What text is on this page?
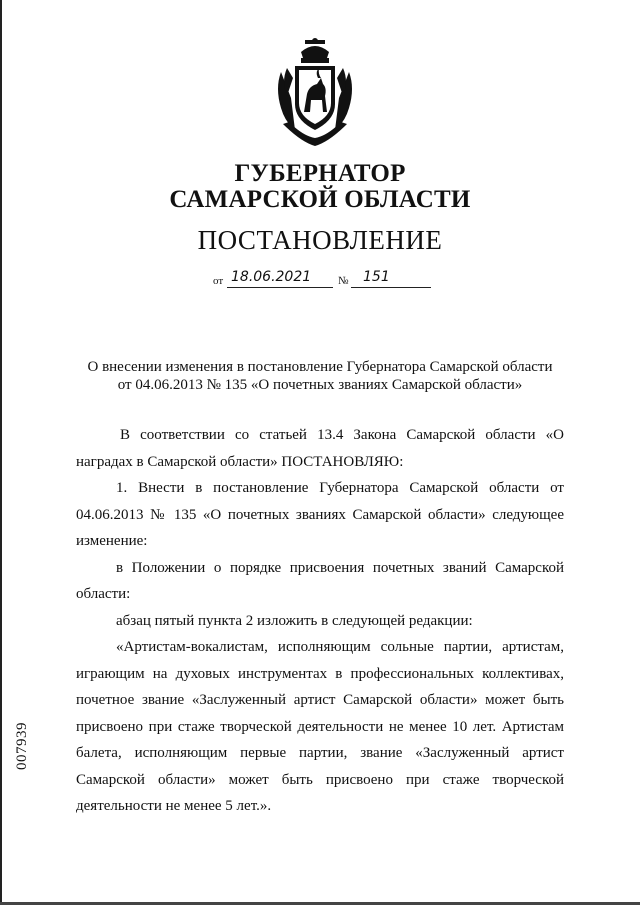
ГУБЕРНАТОР
САМАРСКОЙ ОБЛАСТИ
ПОСТАНОВЛЕНИЕ
от 18.06.2021 № 151
О внесении изменения в постановление Губернатора Самарской области
от 04.06.2013 № 135 «О почетных званиях Самарской области»

В соответствии со статьей 13.4 Закона Самарской области «О наградах в Самарской области» ПОСТАНОВЛЯЮ:

1. Внести в постановление Губернатора Самарской области от 04.06.2013 № 135 «О почетных званиях Самарской области» следующее изменение:

в Положении о порядке присвоения почетных званий Самарской области:

абзац пятый пункта 2 изложить в следующей редакции:

«Артистам-вокалистам, исполняющим сольные партии, артистам, играющим на духовых инструментах в профессиональных коллективах, почетное звание «Заслуженный артист Самарской области» может быть присвоено при стаже творческой деятельности не менее 10 лет. Артистам балета, исполняющим первые партии, звание «Заслуженный артист Самарской области» может быть присвоено при стаже творческой деятельности не менее 5 лет.».

007939
